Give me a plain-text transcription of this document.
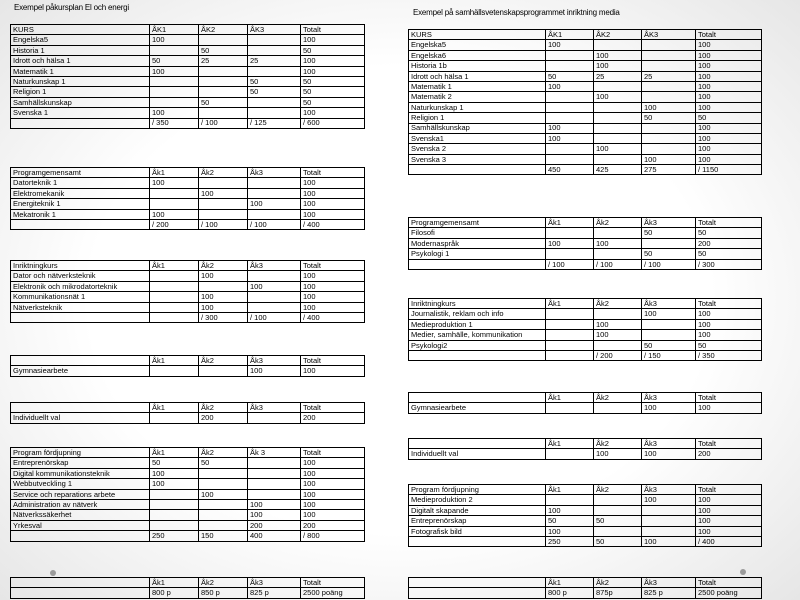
Exempel påkursplan El och energi
Exempel på samhällsvetenskapsprogrammet inriktning media
KURS	ÅK1	ÅK2	ÅK3	Totalt
Engelska5	100			100
Historia 1		50		50
Idrott och hälsa 1	50	25	25	100
Matematik 1	100			100
Naturkunskap 1			50	50
Religion 1			50	50
Samhällskunskap		50		50
Svenska 1	100			100
	/ 350	/ 100	/ 125	/ 600
Programgemensamt	Åk1	Åk2	Åk3	Totalt
Datorteknik 1	100			100
Elektromekanik		100		100
Energiteknik 1			100	100
Mekatronik 1	100			100
	/ 200	/ 100	/ 100	/ 400
Inriktningkurs	Åk1	Åk2	Åk3	Totalt
Dator och nätverksteknik		100		100
Elektronik och mikrodatorteknik			100	100
Kommunikationsnät 1		100		100
Nätverksteknik		100		100
		/ 300	/ 100	/ 400
	Åk1	Åk2	Åk3	Totalt
Gymnasiearbete			100	100
	Åk1	Åk2	Åk3	Totalt
Individuellt val		200		200
Program fördjupning	Åk1	Åk2	Åk 3	Totalt
Entreprenörskap	50	50		100
Digital kommunikationsteknik	100			100
Webbutveckling 1	100			100
Service och reparations arbete		100		100
Administration av nätverk			100	100
Nätverkssäkerhet			100	100
Yrkesval			200	200
	250	150	400	/ 800
	Åk1	Åk2	Åk3	Totalt
	800 p	850 p	825 p	2500 poäng
KURS	ÅK1	ÅK2	ÅK3	Totalt
Engelska5	100			100
Engelska6		100		100
Historia 1b		100		100
Idrott och hälsa 1	50	25	25	100
Matematik 1	100			100
Matematik 2		100		100
Naturkunskap 1			100	100
Religion 1			50	50
Samhällskunskap	100			100
Svenska1	100			100
Svenska 2		100		100
Svenska 3			100	100
	450	425	275	/ 1150
Programgemensamt	Åk1	Åk2	Åk3	Totalt
Filosofi			50	50
Modernaspråk	100	100		200
Psykologi 1			50	50
	/ 100	/ 100	/ 100	/ 300
Inriktningkurs	Åk1	Åk2	Åk3	Totalt
Journalistik, reklam och info			100	100
Medieproduktion 1		100		100
Medier, samhälle, kommunikation		100		100
Psykologi2			50	50
		/ 200	/ 150	/ 350
	Åk1	Åk2	Åk3	Totalt
Gymnasiearbete			100	100
	Åk1	Åk2	Åk3	Totalt
Individuellt val		100	100	200
Program fördjupning	Åk1	Åk2	Åk3	Totalt
Medieproduktion 2			100	100
Digitalt skapande	100			100
Entreprenörskap	50	50		100
Fotografisk bild	100			100
	250	50	100	/ 400
	Åk1	Åk2	Åk3	Totalt
	800 p	875p	825 p	2500 poäng
